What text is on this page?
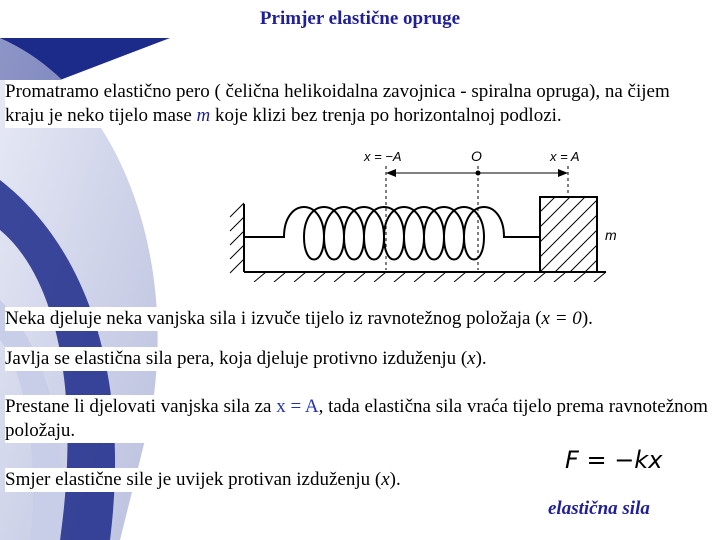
Primjer elastične opruge
Promatramo elastično pero ( čelična helikoidalna zavojnica - spiralna opruga), na čijem kraju je neko tijelo mase m koje klizi bez trenja po horizontalnoj podlozi.
x = −A	O	x = A
m
Neka djeluje neka vanjska sila i izvuče tijelo iz ravnotežnog položaja (x = 0).
Javlja se elastična sila pera, koja djeluje protivno izduženju (x).
Prestane li djelovati vanjska sila za x = A, tada elastična sila vraća tijelo prema ravnotežnom položaju.
Smjer elastične sile je uvijek protivan izduženju (x).
F = −kx
elastična sila
